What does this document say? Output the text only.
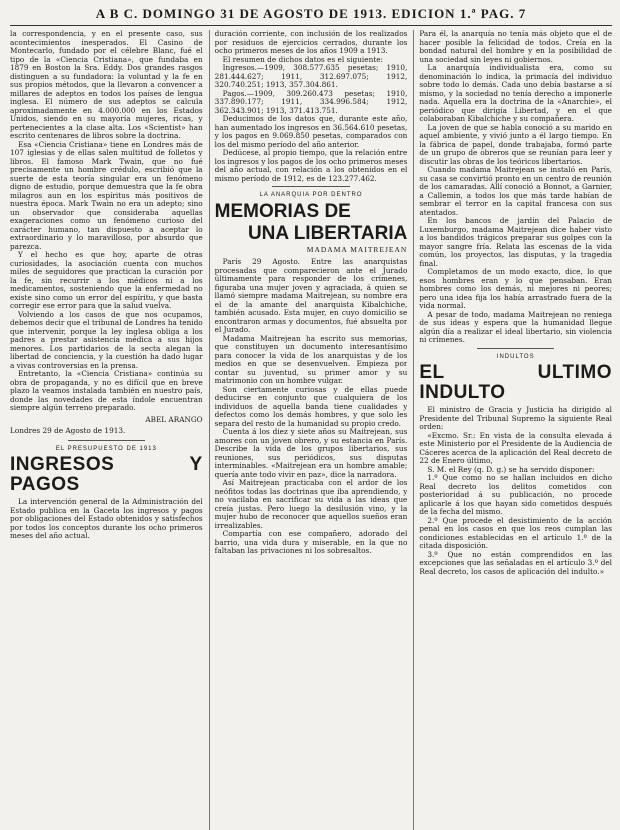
A B C. DOMINGO 31 DE AGOSTO DE 1913. EDICION 1.ª PAG. 7

la correspondencia, y en el presente caso, sus acontecimientos inesperados. El Casino de Montecarlo, fundado por el célebre Blanc, fué el tipo de la «Ciencia Cristiana», que fundaba en 1879 en Boston la Sra. Eddy. Dos grandes rasgos distinguen a su fundadora: la voluntad y la fe en sus propios métodos, que la llevaron a convencer a millares de adeptos en todos los países de lengua inglesa. El número de sus adeptos se calcula aproximadamente en 4.000.000 en los Estados Unidos, siendo en su mayoría mujeres, ricas, y pertenecientes a la clase alta. Los «Scientist» han escrito centenares de libros sobre la doctrina.

Esa «Ciencia Cristiana» tiene en Londres más de 107 iglesias y de ellas salen multitud de folletos y libros. El famoso Mark Twain, que no fué precisamente un hombre crédulo, escribió que la suerte de esta teoría singular era un fenómeno digno de estudio, porque demuestra que la fe obra milagros aun en los espíritus más positivos de nuestra época. Mark Twain no era un adepto; sino un observador que consideraba aquellas exageraciones como un fenómeno curioso del carácter humano, tan dispuesto a aceptar lo extraordinario y lo maravilloso, por absurdo que parezca.

Y el hecho es que hoy, aparte de otras curiosidades, la asociación cuenta con muchos miles de seguidores que practican la curación por la fe, sin recurrir a los médicos ni a los medicamentos, sosteniendo que la enfermedad no existe sino como un error del espíritu, y que basta corregir ese error para que la salud vuelva.

Volviendo a los casos de que nos ocupamos, debemos decir que el tribunal de Londres ha tenido que intervenir, porque la ley inglesa obliga a los padres a prestar asistencia médica a sus hijos menores. Los partidarios de la secta alegan la libertad de conciencia, y la cuestión ha dado lugar a vivas controversias en la prensa.

Entretanto, la «Ciencia Cristiana» continúa su obra de propaganda, y no es difícil que en breve plazo la veamos instalada también en nuestro país, donde las novedades de esta índole encuentran siempre algún terreno preparado.

ABEL ARANGO
Londres 29 de Agosto de 1913.
EL PRESUPUESTO DE 1913
INGRESOS Y PAGOS

La intervención general de la Administración del Estado publica en la Gaceta los ingresos y pagos por obligaciones del Estado obtenidos y satisfechos por todos los conceptos durante los ocho primeros meses del año actual.

duración corriente, con inclusión de los realizados por residuos de ejercicios cerrados, durante los ocho primeros meses de los años 1909 a 1913.

El resumen de dichos datos es el siguiente:

Ingresos.—1909, 308.577.635 pesetas; 1910, 281.444.627; 1911, 312.697.075; 1912, 320.740.251; 1913, 357.304.861.

Pagos.—1909, 309.260.473 pesetas; 1910, 337.890.177; 1911, 334.996.584; 1912, 362.343.901; 1913, 371.413.751.

Deducimos de los datos que, durante este año, han aumentado los ingresos en 36.564.610 pesetas, y los pagos en 9.069.850 pesetas, comparados con los del mismo período del año anterior.

Dedúcese, al propio tiempo, que la relación entre los ingresos y los pagos de los ocho primeros meses del año actual, con relación a los obtenidos en el mismo período de 1912, es de 123.277.462.

LA ANARQUIA POR DENTRO
MEMORIAS DE
UNA LIBERTARIA
MADAMA MAITREJEAN

París 29 Agosto. Entre las anarquistas procesadas que comparecieron ante el Jurado últimamente para responder de los crímenes, figuraba una mujer joven y agraciada, á quien se llamó siempre madama Maitrejean, su nombre era el de la amante del anarquista Kibalchiche, también acusado. Esta mujer, en cuyo domicilio se encontraron armas y documentos, fué absuelta por el Jurado.

Madama Maitrejean ha escrito sus memorias, que constituyen un documento interesantísimo para conocer la vida de los anarquistas y de los medios en que se desenvuelven. Empieza por contar su juventud, su primer amor y su matrimonio con un hombre vulgar.

Son ciertamente curiosas y de ellas puede deducirse en conjunto que cualquiera de los individuos de aquella banda tiene cualidades y defectos como los demás hombres, y que solo les separa del resto de la humanidad su propio credo.

Cuenta á los diez y siete años su Maitrejean, sus amores con un joven obrero, y su estancia en París. Describe la vida de los grupos libertarios, sus reuniones, sus periódicos, sus disputas interminables. «Maitrejean era un hombre amable; quería ante todo vivir en paz», dice la narradora.

Así Maitrejean practicaba con el ardor de los neófitos todas las doctrinas que iba aprendiendo, y no vacilaba en sacrificar su vida a las ideas que creía justas. Pero luego la desilusión vino, y la mujer hubo de reconocer que aquellos sueños eran irrealizables.

Compartía con ese compañero, adorado del barrio, una vida dura y miserable, en la que no faltaban las privaciones ni los sobresaltos.

Para él, la anarquía no tenía más objeto que el de hacer posible la felicidad de todos. Creía en la bondad natural del hombre y en la posibilidad de una sociedad sin leyes ni gobiernos.

La anarquía individualista era, como su denominación lo indica, la primacía del individuo sobre todo lo demás. Cada uno debía bastarse a sí mismo, y la sociedad no tenía derecho a imponerle nada. Aquella era la doctrina de la «Anarchie», el periódico que dirigía Libertad, y en el que colaboraban Kibalchiche y su compañera.

La joven de que se habla conoció a su marido en aquel ambiente, y vivió junto a él largo tiempo. En la fábrica de papel, donde trabajaba, formó parte de un grupo de obreros que se reunían para leer y discutir las obras de los teóricos libertarios.

Cuando madama Maitrejean se instaló en París, su casa se convirtió pronto en un centro de reunión de los camaradas. Allí conoció a Bonnot, a Garnier, a Callemin, a todos los que más tarde habían de sembrar el terror en la capital francesa con sus atentados.

En los bancos de jardín del Palacio de Luxemburgo, madama Maitrejean dice haber visto a los bandidos trágicos preparar sus golpes con la mayor sangre fría. Relata las escenas de la vida común, los proyectos, las disputas, y la tragedia final.

Completamos de un modo exacto, dice, lo que esos hombres eran y lo que pensaban. Eran hombres como los demás, ni mejores ni peores; pero una idea fija los había arrastrado fuera de la vida normal.

A pesar de todo, madama Maitrejean no reniega de sus ideas y espera que la humanidad llegue algún día a realizar el ideal libertario, sin violencia ni crímenes.

INDULTOS
EL ULTIMO INDULTO

El ministro de Gracia y Justicia ha dirigido al Presidente del Tribunal Supremo la siguiente Real orden:

«Excmo. Sr.: En vista de la consulta elevada á este Ministerio por el Presidente de la Audiencia de Cáceres acerca de la aplicación del Real decreto de 22 de Enero último,

S. M. el Rey (q. D. g.) se ha servido disponer:

1.º Que como no se hallan incluidos en dicho Real decreto los delitos cometidos con posterioridad á su publicación, no procede aplicarle á los que hayan sido cometidos después de la fecha del mismo.

2.º Que procede el desistimiento de la acción penal en los casos en que los reos cumplan las condiciones establecidas en el artículo 1.º de la citada disposición.

3.º Que no están comprendidos en las excepciones que las señaladas en el artículo 3.º del Real decreto, los casos de aplicación del indulto.»
